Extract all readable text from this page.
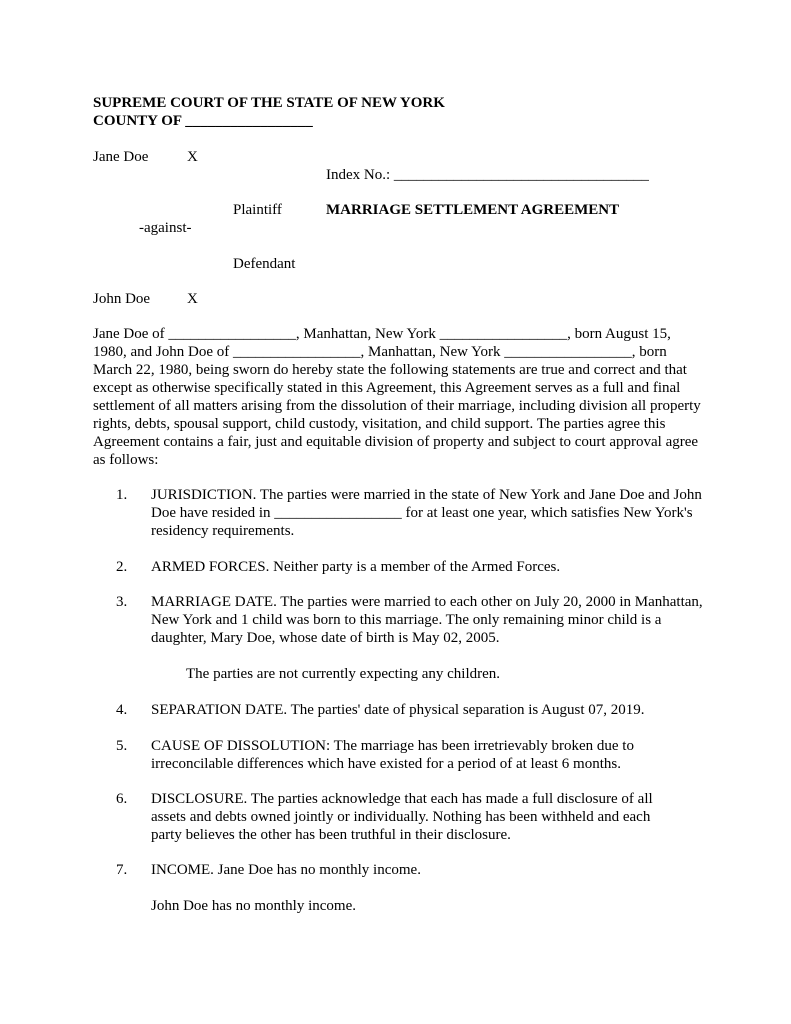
SUPREME COURT OF THE STATE OF NEW YORK
COUNTY OF _________________
Jane Doe	X
Index No.: __________________________________
Plaintiff	MARRIAGE SETTLEMENT AGREEMENT
-against-
Defendant
John Doe X
Jane Doe of _________________, Manhattan, New York _________________, born August 15, 1980, and John Doe of _________________, Manhattan, New York _________________, born March 22, 1980, being sworn do hereby state the following statements are true and correct and that except as otherwise specifically stated in this Agreement, this Agreement serves as a full and final settlement of all matters arising from the dissolution of their marriage, including division all property rights, debts, spousal support, child custody, visitation, and child support. The parties agree this Agreement contains a fair, just and equitable division of property and subject to court approval agree as follows:
1. JURISDICTION. The parties were married in the state of New York and Jane Doe and John Doe have resided in _________________ for at least one year, which satisfies New York's residency requirements.
2. ARMED FORCES. Neither party is a member of the Armed Forces.
3. MARRIAGE DATE. The parties were married to each other on July 20, 2000 in Manhattan, New York and 1 child was born to this marriage. The only remaining minor child is a daughter, Mary Doe, whose date of birth is May 02, 2005.
The parties are not currently expecting any children.
4. SEPARATION DATE. The parties' date of physical separation is August 07, 2019.
5. CAUSE OF DISSOLUTION: The marriage has been irretrievably broken due to irreconcilable differences which have existed for a period of at least 6 months.
6. DISCLOSURE. The parties acknowledge that each has made a full disclosure of all assets and debts owned jointly or individually. Nothing has been withheld and each party believes the other has been truthful in their disclosure.
7. INCOME. Jane Doe has no monthly income.
John Doe has no monthly income.
